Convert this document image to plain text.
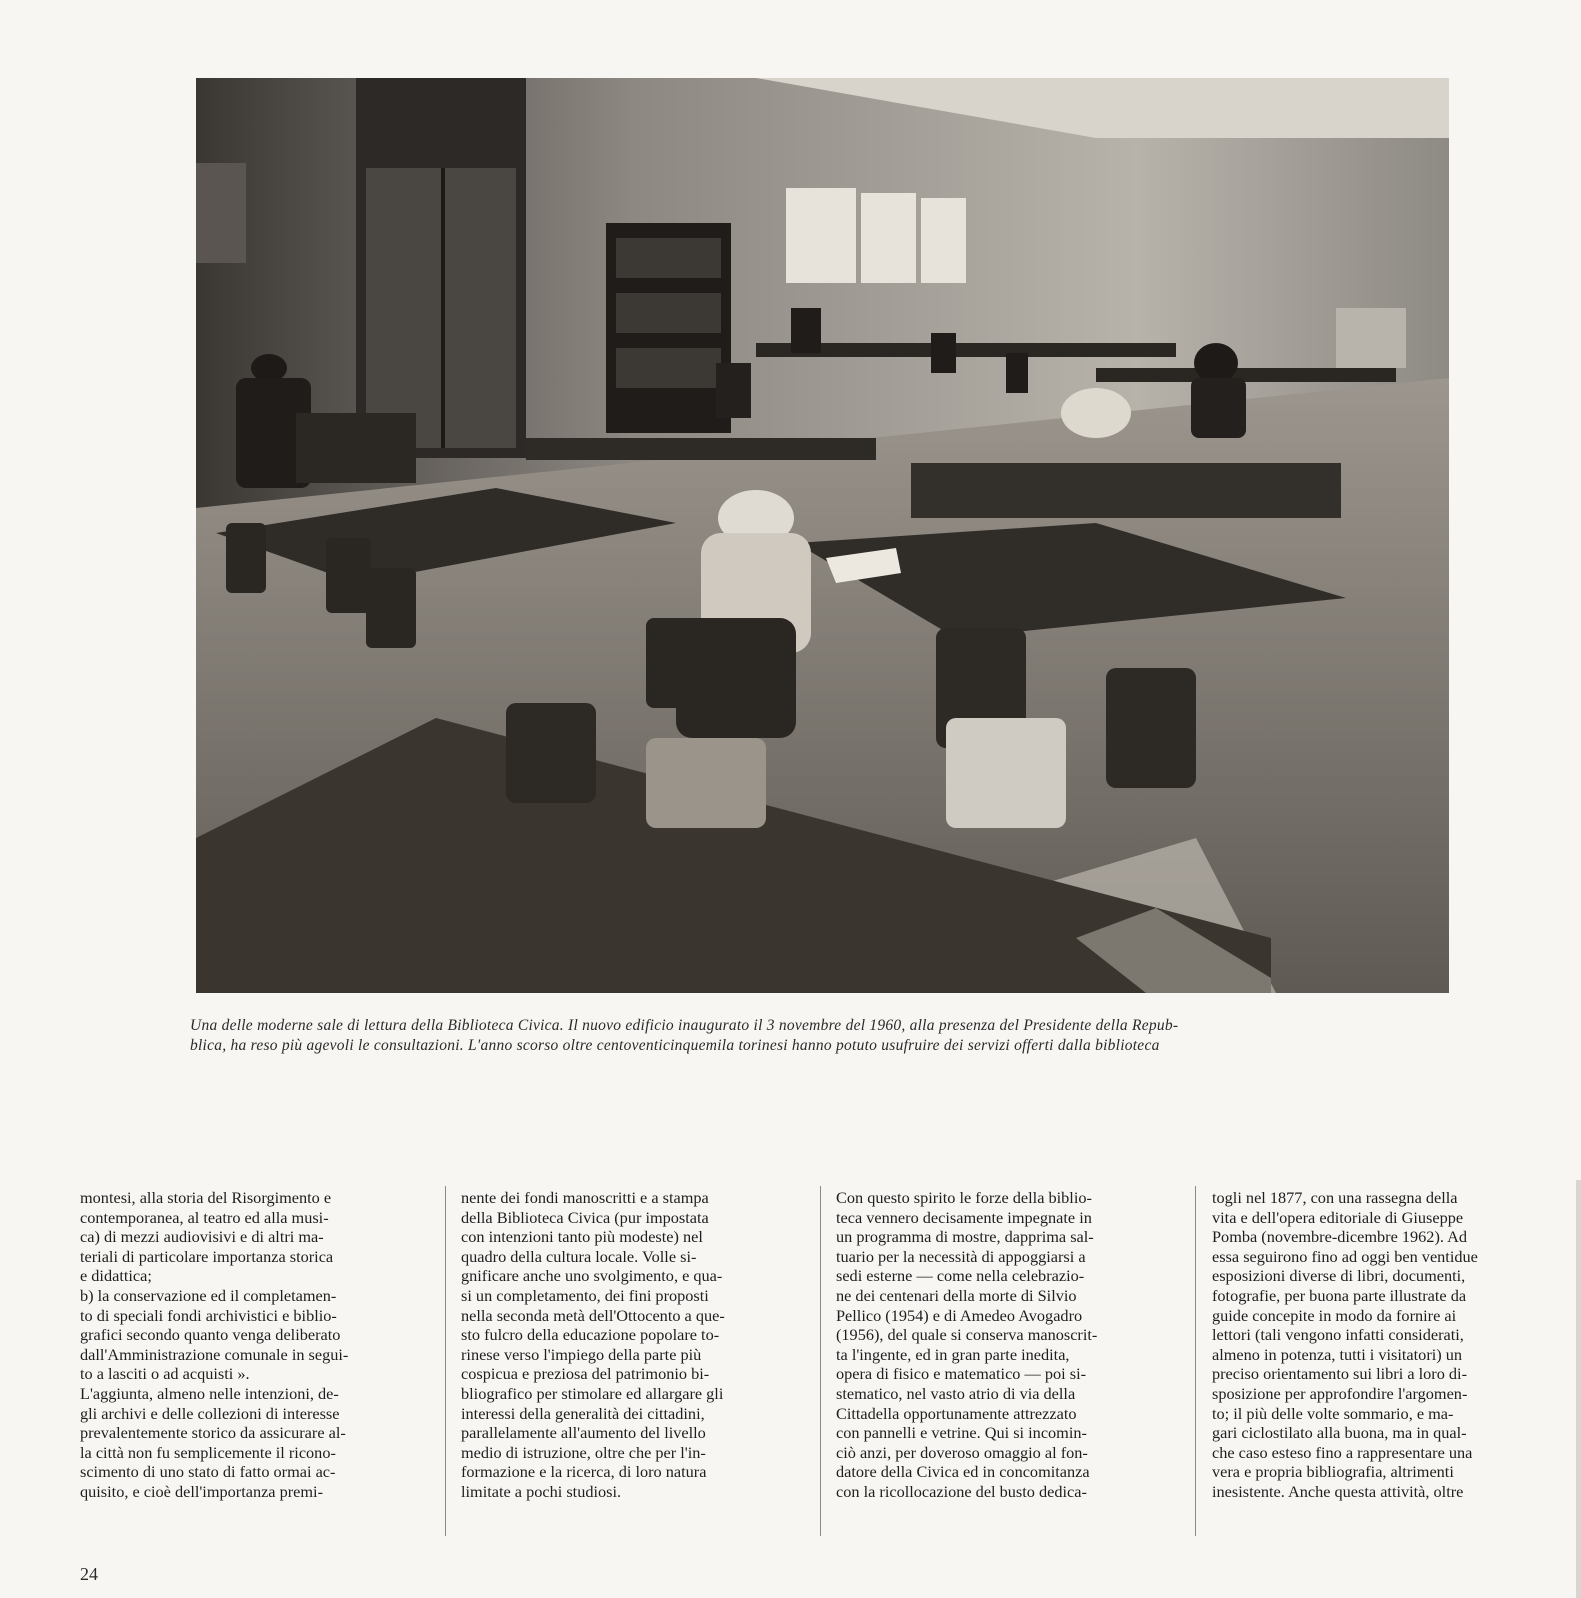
Una delle moderne sale di lettura della Biblioteca Civica. Il nuovo edificio inaugurato il 3 novembre del 1960, alla presenza del Presidente della Repub-
blica, ha reso più agevoli le consultazioni. L'anno scorso oltre centoventicinquemila torinesi hanno potuto usufruire dei servizi offerti dalla biblioteca
montesi, alla storia del Risorgimento e
contemporanea, al teatro ed alla musi-
ca) di mezzi audiovisivi e di altri ma-
teriali di particolare importanza storica
e didattica;
b) la conservazione ed il completamen-
to di speciali fondi archivistici e biblio-
grafici secondo quanto venga deliberato
dall'Amministrazione comunale in segui-
to a lasciti o ad acquisti ».
L'aggiunta, almeno nelle intenzioni, de-
gli archivi e delle collezioni di interesse
prevalentemente storico da assicurare al-
la città non fu semplicemente il ricono-
scimento di uno stato di fatto ormai ac-
quisito, e cioè dell'importanza premi-
nente dei fondi manoscritti e a stampa
della Biblioteca Civica (pur impostata
con intenzioni tanto più modeste) nel
quadro della cultura locale. Volle si-
gnificare anche uno svolgimento, e qua-
si un completamento, dei fini proposti
nella seconda metà dell'Ottocento a que-
sto fulcro della educazione popolare to-
rinese verso l'impiego della parte più
cospicua e preziosa del patrimonio bi-
bliografico per stimolare ed allargare gli
interessi della generalità dei cittadini,
parallelamente all'aumento del livello
medio di istruzione, oltre che per l'in-
formazione e la ricerca, di loro natura
limitate a pochi studiosi.
Con questo spirito le forze della biblio-
teca vennero decisamente impegnate in
un programma di mostre, dapprima sal-
tuario per la necessità di appoggiarsi a
sedi esterne — come nella celebrazio-
ne dei centenari della morte di Silvio
Pellico (1954) e di Amedeo Avogadro
(1956), del quale si conserva manoscrit-
ta l'ingente, ed in gran parte inedita,
opera di fisico e matematico — poi si-
stematico, nel vasto atrio di via della
Cittadella opportunamente attrezzato
con pannelli e vetrine. Qui si incomin-
ciò anzi, per doveroso omaggio al fon-
datore della Civica ed in concomitanza
con la ricollocazione del busto dedica-
togli nel 1877, con una rassegna della
vita e dell'opera editoriale di Giuseppe
Pomba (novembre-dicembre 1962). Ad
essa seguirono fino ad oggi ben ventidue
esposizioni diverse di libri, documenti,
fotografie, per buona parte illustrate da
guide concepite in modo da fornire ai
lettori (tali vengono infatti considerati,
almeno in potenza, tutti i visitatori) un
preciso orientamento sui libri a loro di-
sposizione per approfondire l'argomen-
to; il più delle volte sommario, e ma-
gari ciclostilato alla buona, ma in qual-
che caso esteso fino a rappresentare una
vera e propria bibliografia, altrimenti
inesistente. Anche questa attività, oltre
24
